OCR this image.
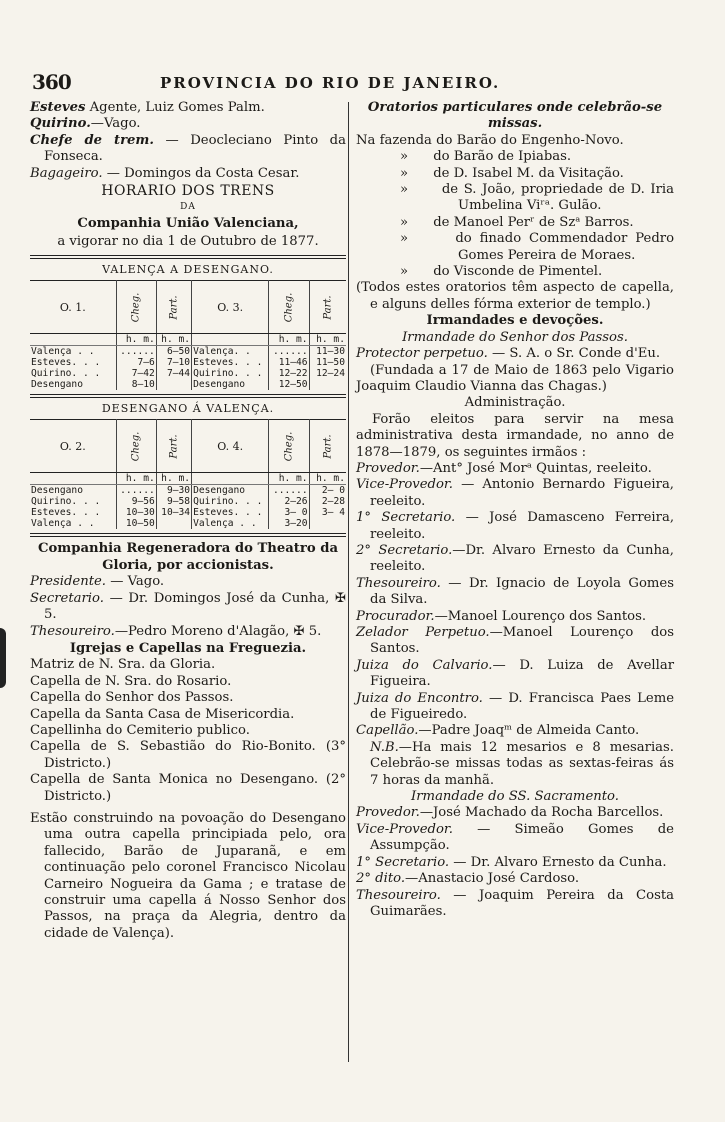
360	PROVINCIA DO RIO DE JANEIRO.

Esteves Agente, Luiz Gomes Palm.

Quirino.—Vago.

Chefe de trem. — Deocleciano Pinto da Fonseca.

Bagageiro. — Domingos da Costa Cesar.

HORARIO DOS TRENS

DA

Companhia União Valenciana,

a vigorar no dia 1 de Outubro de 1877.

VALENÇA A DESENGANO.

O. 1.	Cheg.	Part.	O. 3.	Cheg.	Part.
	h. m.	h. m.		h. m.	h. m.
Valença . .	......	6—50	Valença. .	......	11—30
Esteves. . .	7—6	7—10	Esteves. . .	11—46	11—50
Quirino. . .	7—42	7—44	Quirino. . .	12—22	12—24
Desengano	8—10		Desengano	12—50	

DESENGANO Á VALENÇA.

O. 2.	Cheg.	Part.	O. 4.	Cheg.	Part.
	h. m.	h. m.		h. m.	h. m.
Desengano	......	9—30	Desengano	......	2— 0
Quirino. . .	9—56	9—58	Quirino. . .	2—26	2—28
Esteves. . .	10—30	10—34	Esteves. . .	3— 0	3— 4
Valença . .	10—50		Valença . .	3—20	

Companhia Regeneradora do Theatro da Gloria, por accionistas.

Presidente. — Vago.

Secretario. — Dr. Domingos José da Cunha, ✠ 5.

Thesoureiro.—Pedro Moreno d'Alagão, ✠ 5.

Igrejas e Capellas na Freguezia.

Matriz de N. Sra. da Gloria.

Capella de N. Sra. do Rosario.

Capella do Senhor dos Passos.

Capella da Santa Casa de Misericordia.

Capellinha do Cemiterio publico.

Capella de S. Sebastião do Rio-Bonito. (3° Districto.)

Capella de Santa Monica no Desengano. (2° Districto.)

Estão construindo na povoação do Desengano uma outra capella principiada pelo, ora fallecido, Barão de Juparanã, e em continuação pelo coronel Francisco Nicolau Carneiro Nogueira da Gama ; e tratase de construir uma capella á Nosso Senhor dos Passos, na praça da Alegria, dentro da cidade de Valença).

Oratorios particulares onde celebrão-se missas.

Na fazenda do Barão do Engenho-Novo.

» do Barão de Ipiabas.

» de D. Isabel M. da Visitação.

»	de S. João, propriedade de D. Iria Umbelina Viʳᵃ. Gulão.

» de Manoel Perʳ de Szᵃ Barros.

»	do finado Commendador Pedro Gomes Pereira de Moraes.

» do Visconde de Pimentel.

(Todos estes oratorios têm aspecto de capella, e alguns delles fórma exterior de templo.)

Irmandades e devoções.

Irmandade do Senhor dos Passos.

Protector perpetuo. — S. A. o Sr. Conde d'Eu.

(Fundada a 17 de Maio de 1863 pelo Vigario Joaquim Claudio Vianna das Chagas.)

Administração.

Forão eleitos para servir na mesa administrativa desta irmandade, no anno de 1878—1879, os seguintes irmãos :

Provedor.—Ant° José Morᵃ Quintas, reeleito.

Vice-Provedor. — Antonio Bernardo Figueira, reeleito.

1° Secretario. — José Damasceno Ferreira, reeleito.

2° Secretario.—Dr. Alvaro Ernesto da Cunha, reeleito.

Thesoureiro. — Dr. Ignacio de Loyola Gomes da Silva.

Procurador.—Manoel Lourenço dos Santos.

Zelador Perpetuo.—Manoel Lourenço dos Santos.

Juiza do Calvario.— D. Luiza de Avellar Figueira.

Juiza do Encontro. — D. Francisca Paes Leme de Figueiredo.

Capellão.—Padre Joaqᵐ de Almeida Canto.

N.B.—Ha mais 12 mesarios e 8 mesarias. Celebrão-se missas todas as sextas-feiras ás 7 horas da manhã.

Irmandade do SS. Sacramento.

Provedor.—José Machado da Rocha Barcellos.

Vice-Provedor. — Simeão Gomes de Assumpção.

1° Secretario. — Dr. Alvaro Ernesto da Cunha.

2° dito.—Anastacio José Cardoso.

Thesoureiro. — Joaquim Pereira da Costa Guimarães.
